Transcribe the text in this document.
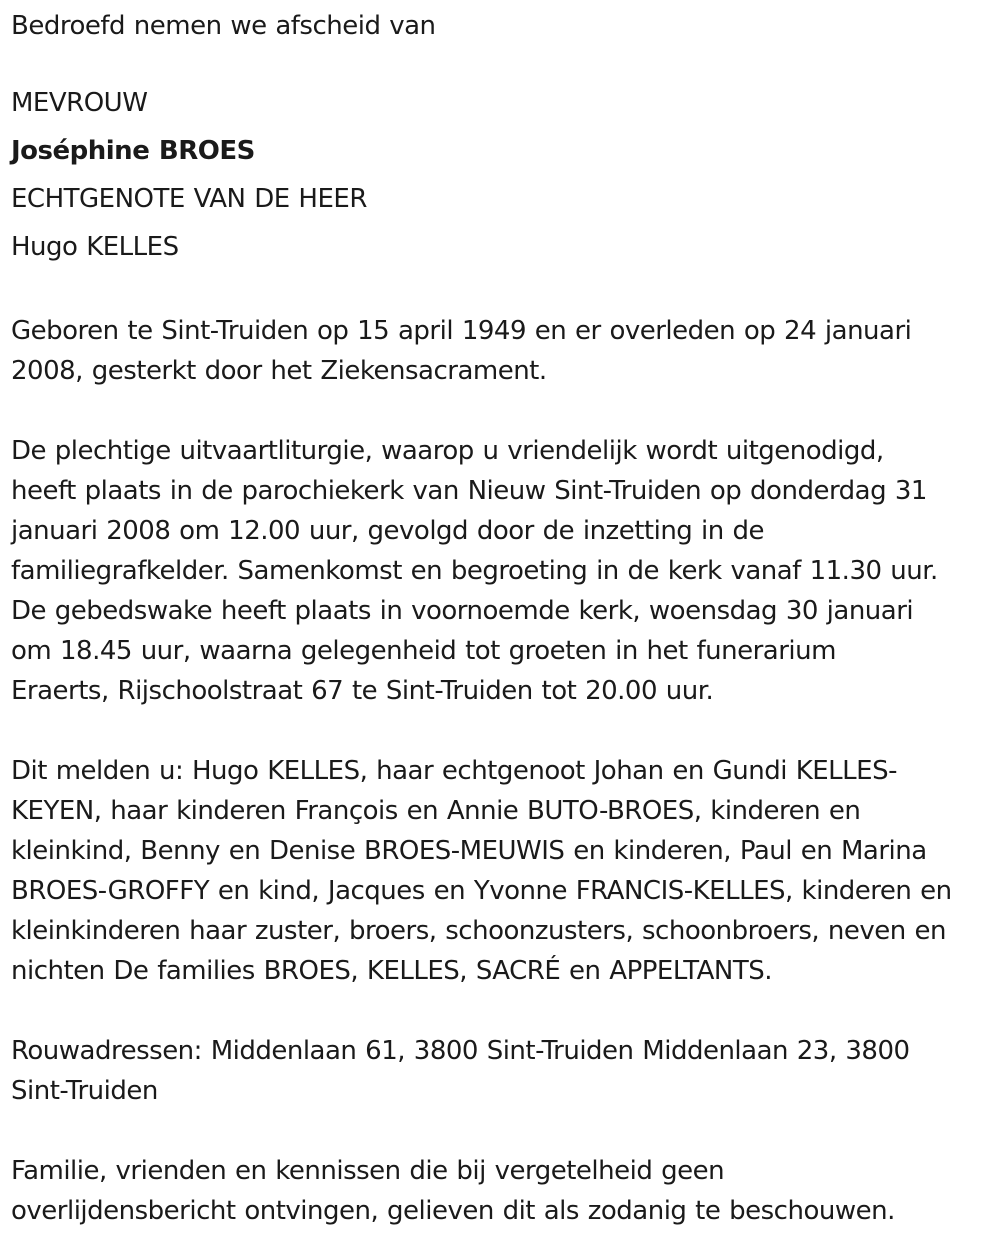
Bedroefd nemen we afscheid van
MEVROUW
Joséphine BROES
ECHTGENOTE VAN DE HEER
Hugo KELLES
Geboren te Sint-Truiden op 15 april 1949 en er overleden op 24 januari
2008, gesterkt door het Ziekensacrament.
De plechtige uitvaartliturgie, waarop u vriendelijk wordt uitgenodigd,
heeft plaats in de parochiekerk van Nieuw Sint-Truiden op donderdag 31
januari 2008 om 12.00 uur, gevolgd door de inzetting in de
familiegrafkelder. Samenkomst en begroeting in de kerk vanaf 11.30 uur.
De gebedswake heeft plaats in voornoemde kerk, woensdag 30 januari
om 18.45 uur, waarna gelegenheid tot groeten in het funerarium
Eraerts, Rijschoolstraat 67 te Sint-Truiden tot 20.00 uur.
Dit melden u: Hugo KELLES, haar echtgenoot Johan en Gundi KELLES-
KEYEN, haar kinderen François en Annie BUTO-BROES, kinderen en
kleinkind, Benny en Denise BROES-MEUWIS en kinderen, Paul en Marina
BROES-GROFFY en kind, Jacques en Yvonne FRANCIS-KELLES, kinderen en
kleinkinderen haar zuster, broers, schoonzusters, schoonbroers, neven en
nichten De families BROES, KELLES, SACRÉ en APPELTANTS.
Rouwadressen: Middenlaan 61, 3800 Sint-Truiden Middenlaan 23, 3800
Sint-Truiden
Familie, vrienden en kennissen die bij vergetelheid geen
overlijdensbericht ontvingen, gelieven dit als zodanig te beschouwen.
